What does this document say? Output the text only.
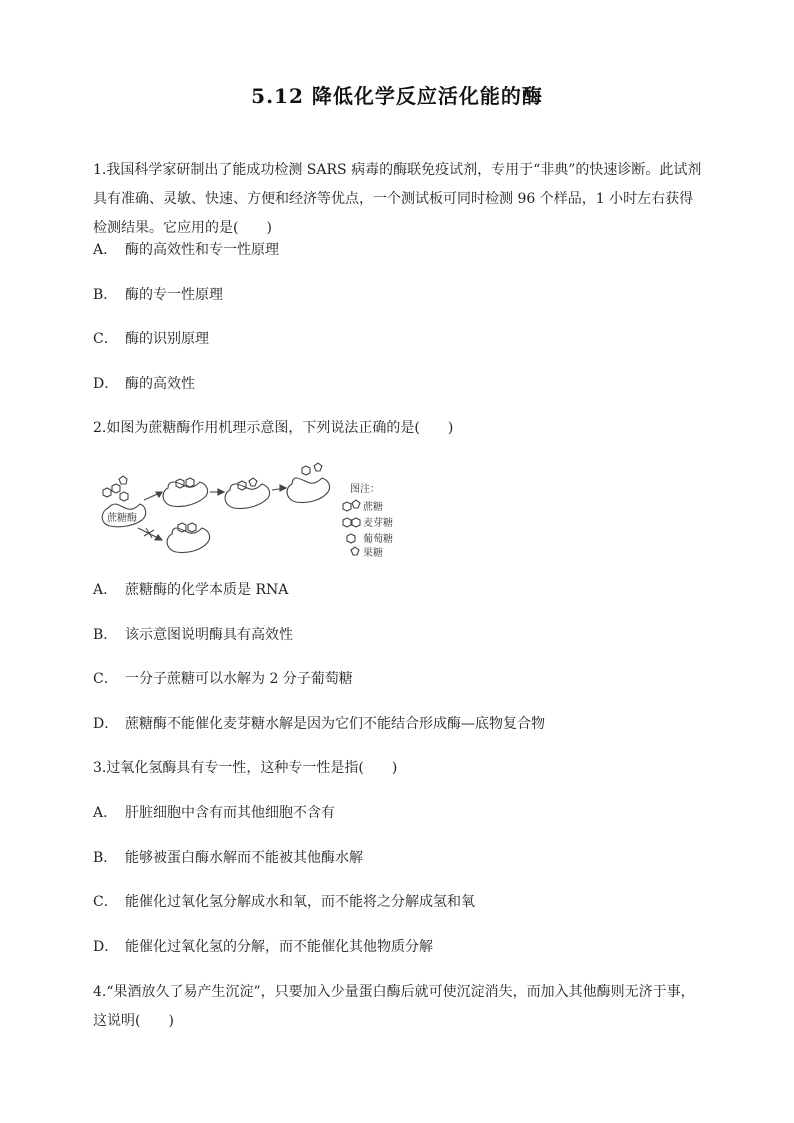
5.12 降低化学反应活化能的酶
1.我国科学家研制出了能成功检测 SARS 病毒的酶联免疫试剂，专用于“非典”的快速诊断。此试剂具有准确、灵敏、快速、方便和经济等优点，一个测试板可同时检测 96 个样品，1 小时左右获得检测结果。它应用的是(　　)
A． 酶的高效性和专一性原理
B． 酶的专一性原理
C． 酶的识别原理
D． 酶的高效性
2.如图为蔗糖酶作用机理示意图，下列说法正确的是(　　)
蔗糖酶
图注：
蔗糖
麦芽糖
葡萄糖
果糖
A． 蔗糖酶的化学本质是 RNA
B． 该示意图说明酶具有高效性
C． 一分子蔗糖可以水解为 2 分子葡萄糖
D． 蔗糖酶不能催化麦芽糖水解是因为它们不能结合形成酶—底物复合物
3.过氧化氢酶具有专一性，这种专一性是指(　　)
A． 肝脏细胞中含有而其他细胞不含有
B． 能够被蛋白酶水解而不能被其他酶水解
C． 能催化过氧化氢分解成水和氧，而不能将之分解成氢和氧
D． 能催化过氧化氢的分解，而不能催化其他物质分解
4.“果酒放久了易产生沉淀”，只要加入少量蛋白酶后就可使沉淀消失，而加入其他酶则无济于事，这说明(　　)
